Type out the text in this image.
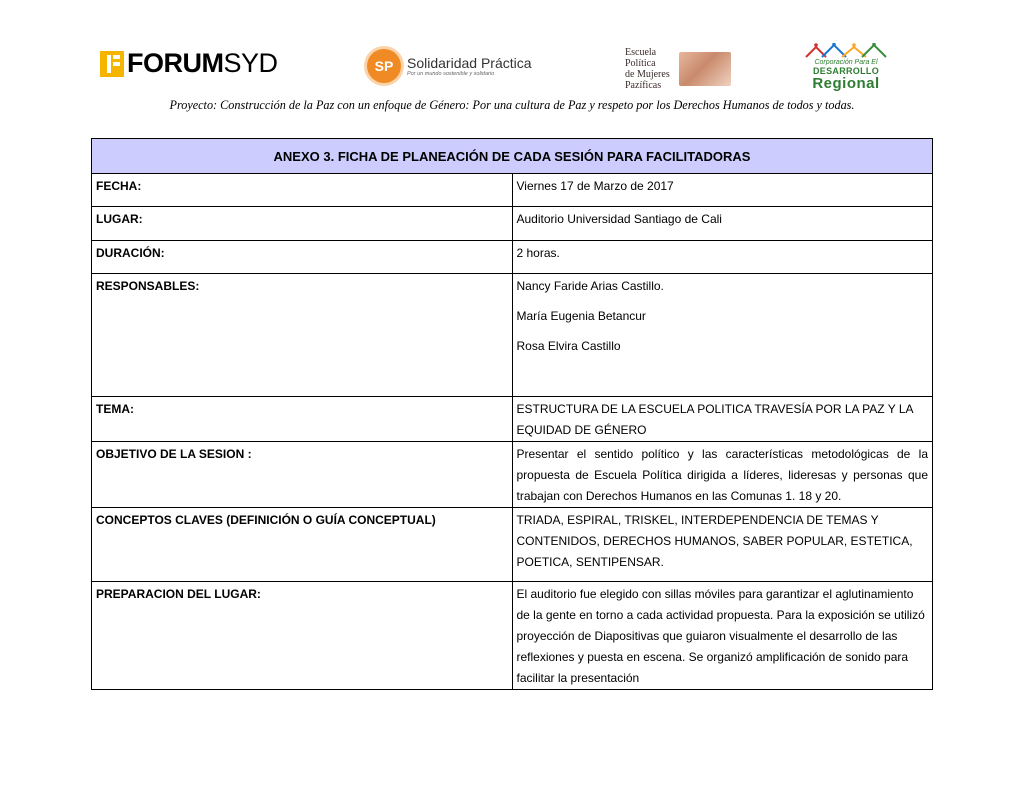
FORUM SYD	SP Solidaridad Práctica
Por un mundo sostenible y solidario
Escuela Política
de Mujeres
Pazíficas
Corporación Para El
DESARROLLO
Regional
Proyecto: Construcción de la Paz con un enfoque de Género: Por una cultura de Paz y respeto por los Derechos Humanos de todos y todas.
ANEXO 3. FICHA DE PLANEACIÓN DE CADA SESIÓN PARA FACILITADORAS	
FECHA:	Viernes 17 de Marzo de 2017
LUGAR:	Auditorio Universidad Santiago de Cali
DURACIÓN:	2 horas.
RESPONSABLES:	Nancy Faride Arias Castillo.
María Eugenia Betancur
Rosa Elvira Castillo

TEMA:	ESTRUCTURA DE LA ESCUELA POLITICA TRAVESÍA POR LA PAZ Y LA EQUIDAD DE GÉNERO
OBJETIVO DE LA SESION :	Presentar el sentido político y las características metodológicas de la propuesta de Escuela Política dirigida a líderes, lideresas y personas que trabajan con Derechos Humanos en las Comunas 1. 18 y 20.
CONCEPTOS CLAVES (DEFINICIÓN O GUÍA CONCEPTUAL)	TRIADA, ESPIRAL, TRISKEL, INTERDEPENDENCIA DE TEMAS Y CONTENIDOS, DERECHOS HUMANOS, SABER POPULAR, ESTETICA, POETICA, SENTIPENSAR.
PREPARACION DEL LUGAR:	El auditorio fue elegido con sillas móviles para garantizar el aglutinamiento de la gente en torno a cada actividad propuesta. Para la exposición se utilizó proyección de Diapositivas que guiaron visualmente el desarrollo de las reflexiones y puesta en escena. Se organizó amplificación de sonido para facilitar la presentación
